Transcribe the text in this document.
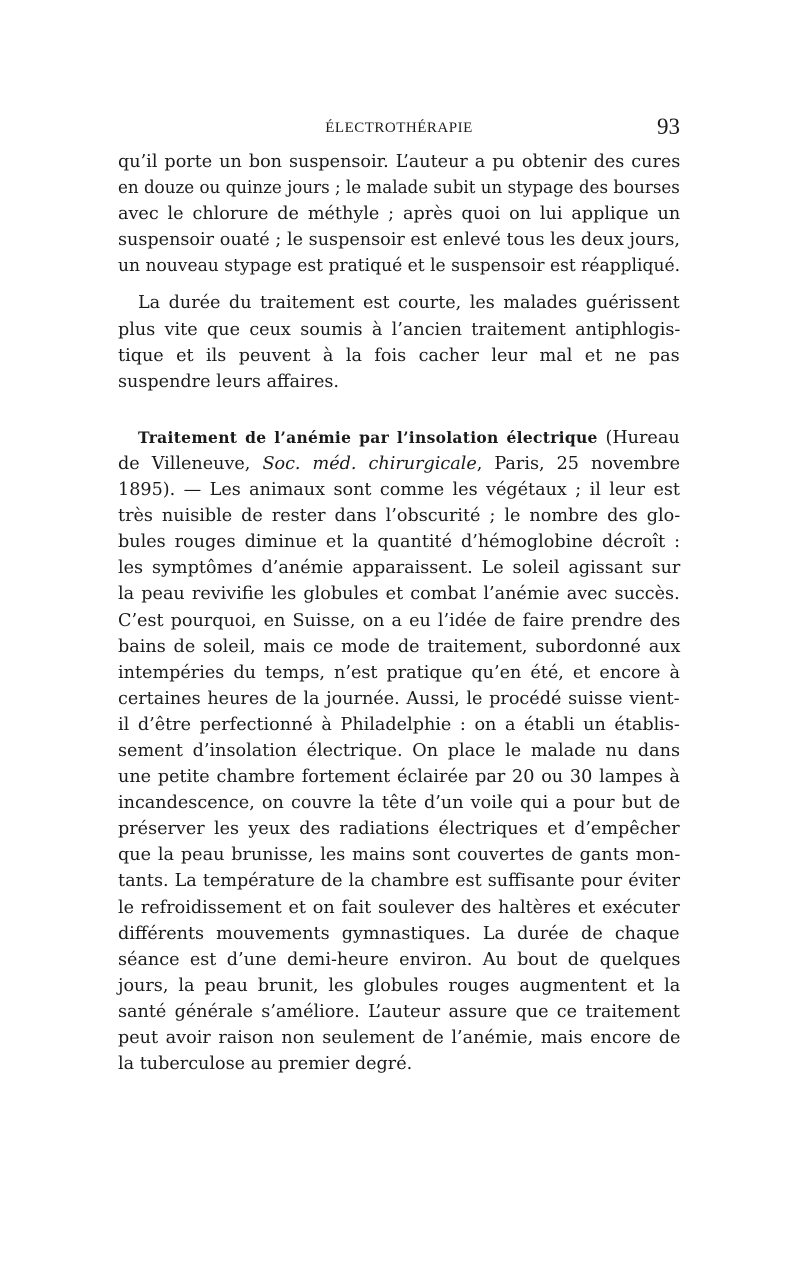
ÉLECTROTHÉRAPIE	93
qu’il porte un bon suspensoir. L’auteur a pu obtenir des cures
en douze ou quinze jours ; le malade subit un stypage des bourses
avec le chlorure de méthyle ; après quoi on lui applique un
suspensoir ouaté ; le suspensoir est enlevé tous les deux jours,
un nouveau stypage est pratiqué et le suspensoir est réappliqué.
La durée du traitement est courte, les malades guérissent
plus vite que ceux soumis à l’ancien traitement antiphlogis-
tique et ils peuvent à la fois cacher leur mal et ne pas
suspendre leurs affaires.
Traitement de l’anémie par l’insolation électrique (Hureau
de Villeneuve, Soc. méd. chirurgicale, Paris, 25 novembre
1895). — Les animaux sont comme les végétaux ; il leur est
très nuisible de rester dans l’obscurité ; le nombre des glo-
bules rouges diminue et la quantité d’hémoglobine décroît :
les symptômes d’anémie apparaissent. Le soleil agissant sur
la peau revivifie les globules et combat l’anémie avec succès.
C’est pourquoi, en Suisse, on a eu l’idée de faire prendre des
bains de soleil, mais ce mode de traitement, subordonné aux
intempéries du temps, n’est pratique qu’en été, et encore à
certaines heures de la journée. Aussi, le procédé suisse vient-
il d’être perfectionné à Philadelphie : on a établi un établis-
sement d’insolation électrique. On place le malade nu dans
une petite chambre fortement éclairée par 20 ou 30 lampes à
incandescence, on couvre la tête d’un voile qui a pour but de
préserver les yeux des radiations électriques et d’empêcher
que la peau brunisse, les mains sont couvertes de gants mon-
tants. La température de la chambre est suffisante pour éviter
le refroidissement et on fait soulever des haltères et exécuter
différents mouvements gymnastiques. La durée de chaque
séance est d’une demi-heure environ. Au bout de quelques
jours, la peau brunit, les globules rouges augmentent et la
santé générale s’améliore. L’auteur assure que ce traitement
peut avoir raison non seulement de l’anémie, mais encore de
la tuberculose au premier degré.
